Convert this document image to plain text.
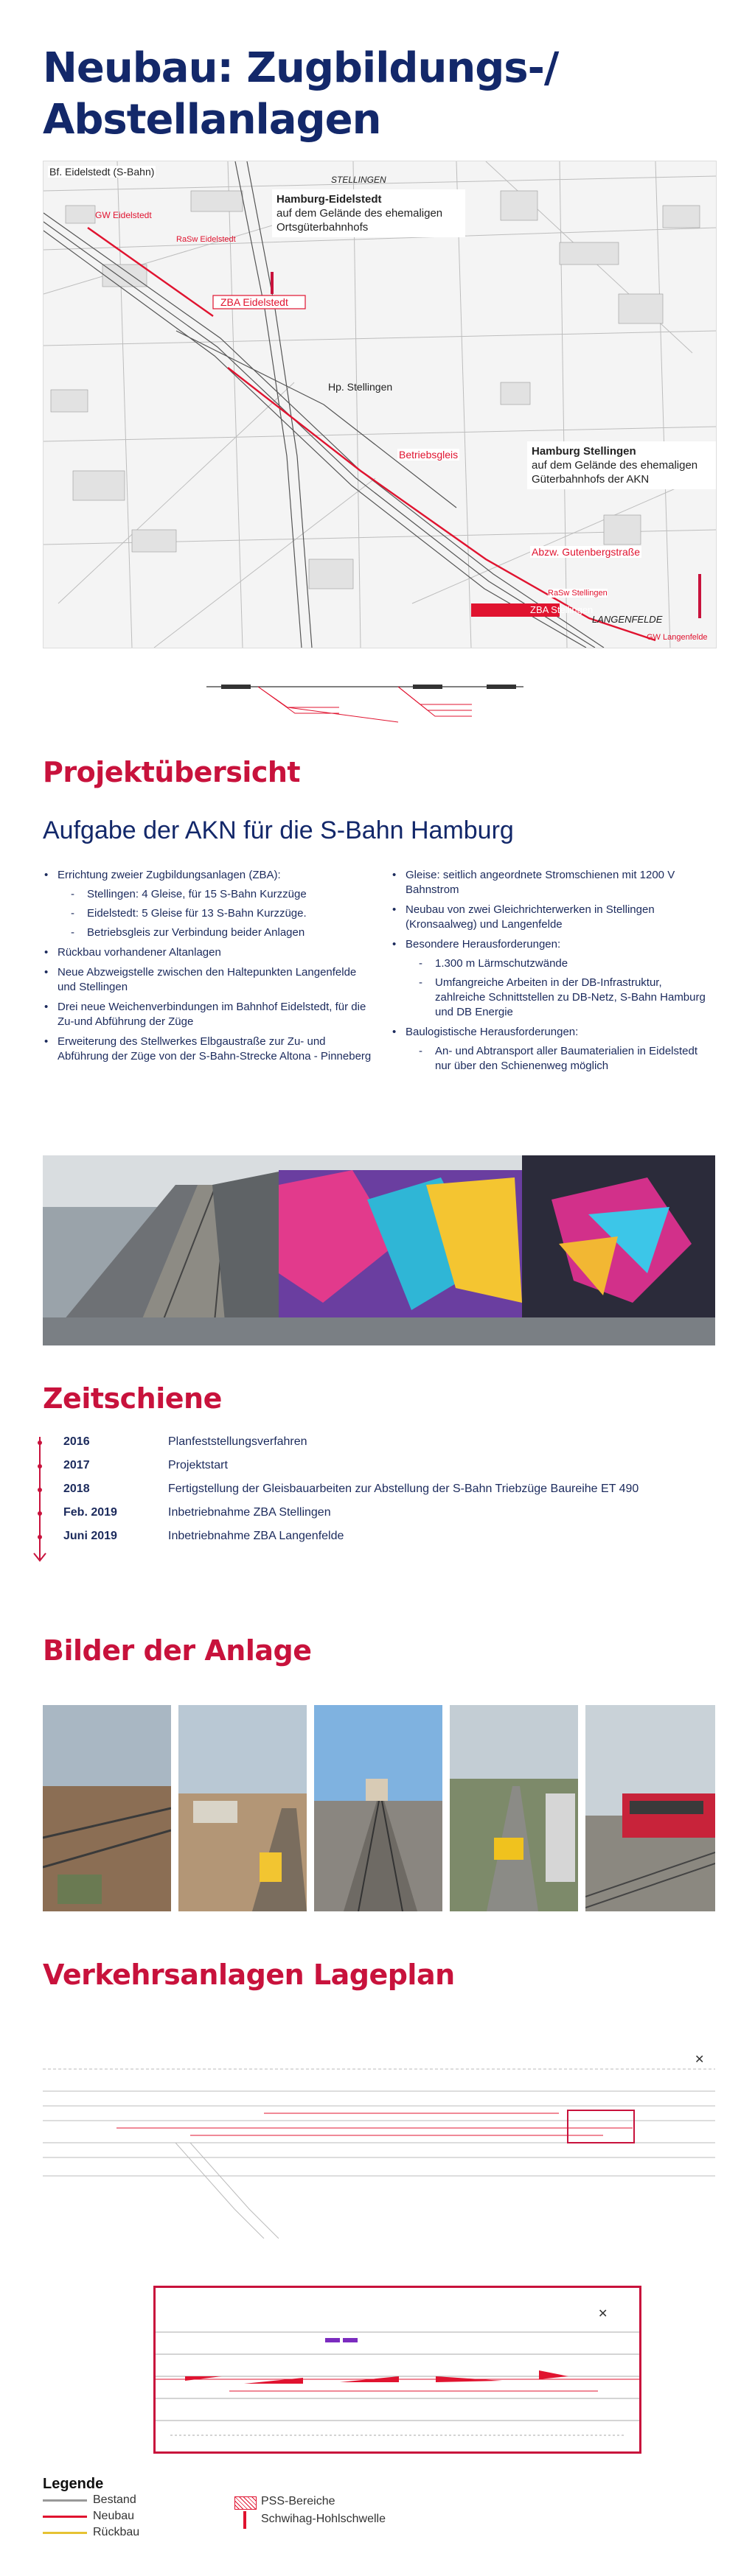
Neubau: Zugbildungs-/
Abstellanlagen
Bf. Eidelstedt (S-Bahn)
STELLINGEN
GW Eidelstedt
RaSw Eidelstedt
ZBA Eidelstedt
Hp. Stellingen
Betriebsgleis
Abzw. Gutenbergstraße
RaSw Stellingen
ZBA Stellingen
LANGENFELDE
GW Langenfelde
Hamburg-Eidelstedt
auf dem Gelände des ehemaligen
Ortsgüterbahnhofs
Hamburg Stellingen
auf dem Gelände des ehemaligen
Güterbahnhofs der AKN
Projektübersicht
Aufgabe der AKN für die S-Bahn Hamburg
• Errichtung zweier Zugbildungsanlagen (ZBA):
- Stellingen: 4 Gleise, für 15 S-Bahn Kurzzüge
- Eidelstedt: 5 Gleise für 13 S-Bahn Kurzzüge.
- Betriebsgleis zur Verbindung beider Anlagen
• Rückbau vorhandener Altanlagen
• Neue Abzweigstelle zwischen den Haltepunkten Langenfelde und Stellingen
• Drei neue Weichenverbindungen im Bahnhof Eidelstedt, für die Zu-und Abführung der Züge
• Erweiterung des Stellwerkes Elbgaustraße zur Zu- und Abführung der Züge von der S-Bahn-Strecke Altona - Pinneberg
• Gleise: seitlich angeordnete Stromschienen mit 1200 V Bahnstrom
• Neubau von zwei Gleichrichterwerken in Stellingen (Kronsaalweg) und Langenfelde
• Besondere Herausforderungen:
- 1.300 m Lärmschutzwände
- Umfangreiche Arbeiten in der DB-Infrastruktur, zahlreiche Schnittstellen zu DB-Netz, S-Bahn Hamburg und DB Energie
• Baulogistische Herausforderungen:
- An- und Abtransport aller Baumaterialien in Eidelstedt nur über den Schienenweg möglich
Zeitschiene
2016	Planfeststellungsverfahren
2017	Projektstart
2018	Fertigstellung der Gleisbauarbeiten zur Abstellung der S-Bahn Triebzüge Baureihe ET 490
Feb. 2019	Inbetriebnahme ZBA Stellingen
Juni 2019	Inbetriebnahme ZBA Langenfelde
Bilder der Anlage
Verkehrsanlagen Lageplan
✕
✕
Legende
Bestand
Neubau
Rückbau
PSS-Bereiche
Schwihag-Hohlschwelle
